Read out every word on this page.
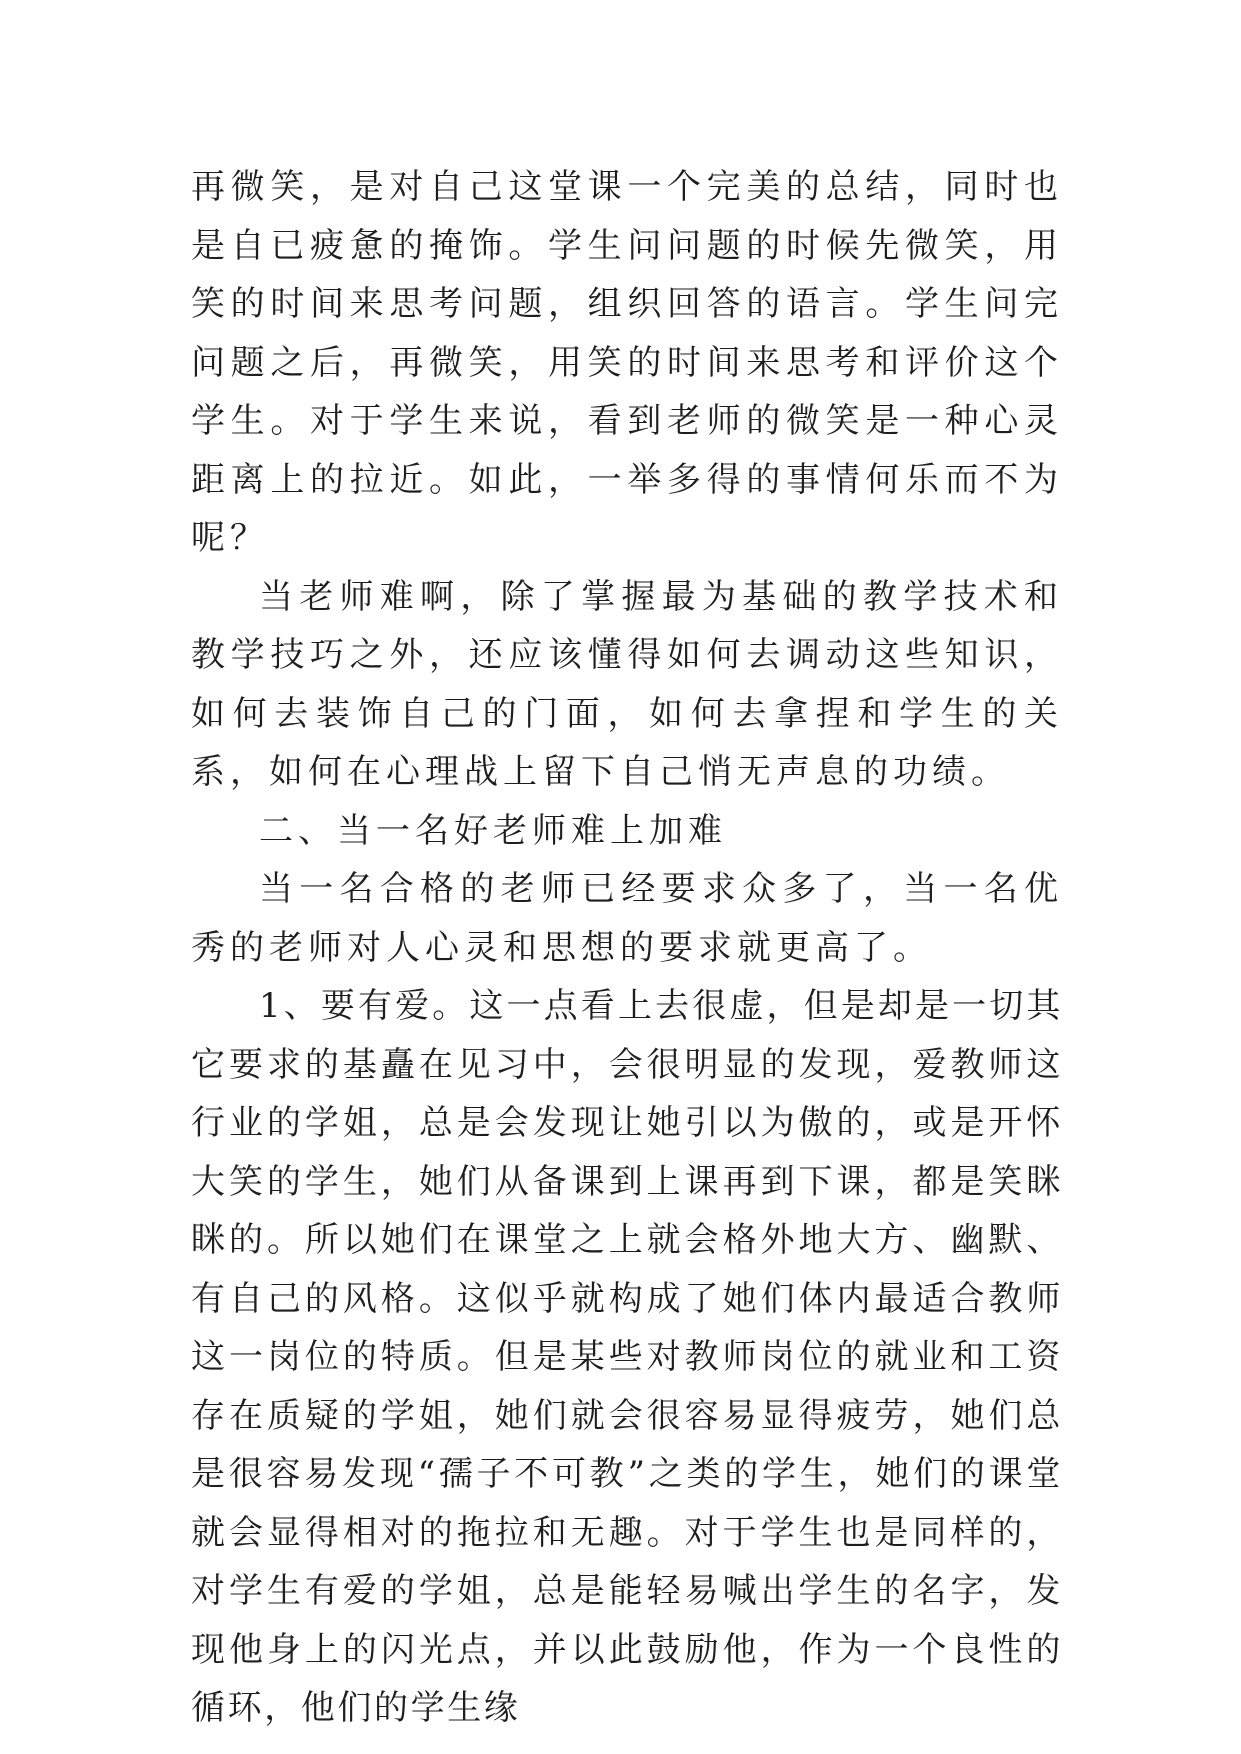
再微笑，是对自己这堂课一个完美的总结，同时也是自已疲惫的掩饰。学生问问题的时候先微笑，用笑的时间来思考问题，组织回答的语言。学生问完问题之后，再微笑，用笑的时间来思考和评价这个学生。对于学生来说，看到老师的微笑是一种心灵距离上的拉近。如此，一举多得的事情何乐而不为呢？

当老师难啊，除了掌握最为基础的教学技术和教学技巧之外，还应该懂得如何去调动这些知识，如何去装饰自己的门面，如何去拿捏和学生的关系，如何在心理战上留下自己悄无声息的功绩。

二、当一名好老师难上加难

当一名合格的老师已经要求众多了，当一名优秀的老师对人心灵和思想的要求就更高了。

1、要有爱。这一点看上去很虚，但是却是一切其它要求的基矗在见习中，会很明显的发现，爱教师这行业的学姐，总是会发现让她引以为傲的，或是开怀大笑的学生，她们从备课到上课再到下课，都是笑眯眯的。所以她们在课堂之上就会格外地大方、幽默、有自己的风格。这似乎就构成了她们体内最适合教师这一岗位的特质。但是某些对教师岗位的就业和工资存在质疑的学姐，她们就会很容易显得疲劳，她们总是很容易发现“孺子不可教”之类的学生，她们的课堂就会显得相对的拖拉和无趣。对于学生也是同样的，对学生有爱的学姐，总是能轻易喊出学生的名字，发现他身上的闪光点，并以此鼓励他，作为一个良性的循环，他们的学生缘
